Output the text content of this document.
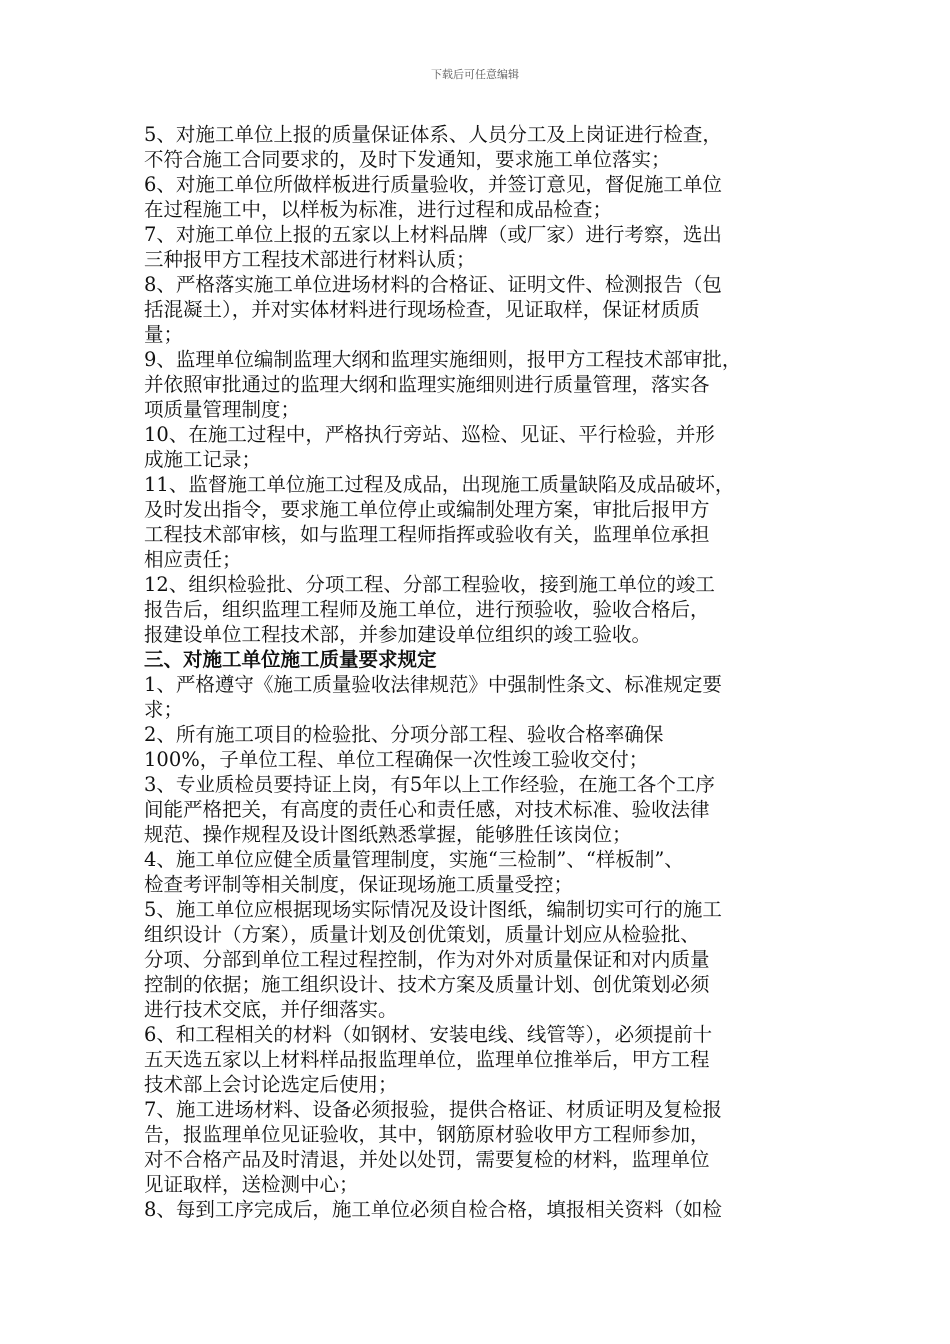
下载后可任意编辑
5、对施工单位上报的质量保证体系、人员分工及上岗证进行检查，
不符合施工合同要求的，及时下发通知，要求施工单位落实；
6、对施工单位所做样板进行质量验收，并签订意见，督促施工单位
在过程施工中，以样板为标准，进行过程和成品检查；
7、对施工单位上报的五家以上材料品牌（或厂家）进行考察，选出
三种报甲方工程技术部进行材料认质；
8、严格落实施工单位进场材料的合格证、证明文件、检测报告（包
括混凝土），并对实体材料进行现场检查，见证取样，保证材质质
量；
9、监理单位编制监理大纲和监理实施细则，报甲方工程技术部审批，
并依照审批通过的监理大纲和监理实施细则进行质量管理，落实各
项质量管理制度；
10、在施工过程中，严格执行旁站、巡检、见证、平行检验，并形
成施工记录；
11、监督施工单位施工过程及成品，出现施工质量缺陷及成品破坏，
及时发出指令，要求施工单位停止或编制处理方案，审批后报甲方
工程技术部审核，如与监理工程师指挥或验收有关，监理单位承担
相应责任；
12、组织检验批、分项工程、分部工程验收，接到施工单位的竣工
报告后，组织监理工程师及施工单位，进行预验收，验收合格后，
报建设单位工程技术部，并参加建设单位组织的竣工验收。
三、对施工单位施工质量要求规定
1、严格遵守《施工质量验收法律规范》中强制性条文、标准规定要
求；
2、所有施工项目的检验批、分项分部工程、验收合格率确保
100%，子单位工程、单位工程确保一次性竣工验收交付；
3、专业质检员要持证上岗，有5年以上工作经验，在施工各个工序
间能严格把关，有高度的责任心和责任感，对技术标准、验收法律
规范、操作规程及设计图纸熟悉掌握，能够胜任该岗位；
4、施工单位应健全质量管理制度，实施“三检制”、“样板制”、
检查考评制等相关制度，保证现场施工质量受控；
5、施工单位应根据现场实际情况及设计图纸，编制切实可行的施工
组织设计（方案），质量计划及创优策划，质量计划应从检验批、
分项、分部到单位工程过程控制，作为对外对质量保证和对内质量
控制的依据；施工组织设计、技术方案及质量计划、创优策划必须
进行技术交底，并仔细落实。
6、和工程相关的材料（如钢材、安装电线、线管等），必须提前十
五天选五家以上材料样品报监理单位，监理单位推举后，甲方工程
技术部上会讨论选定后使用；
7、施工进场材料、设备必须报验，提供合格证、材质证明及复检报
告，报监理单位见证验收，其中，钢筋原材验收甲方工程师参加，
对不合格产品及时清退，并处以处罚，需要复检的材料，监理单位
见证取样，送检测中心；
8、每到工序完成后，施工单位必须自检合格，填报相关资料（如检
